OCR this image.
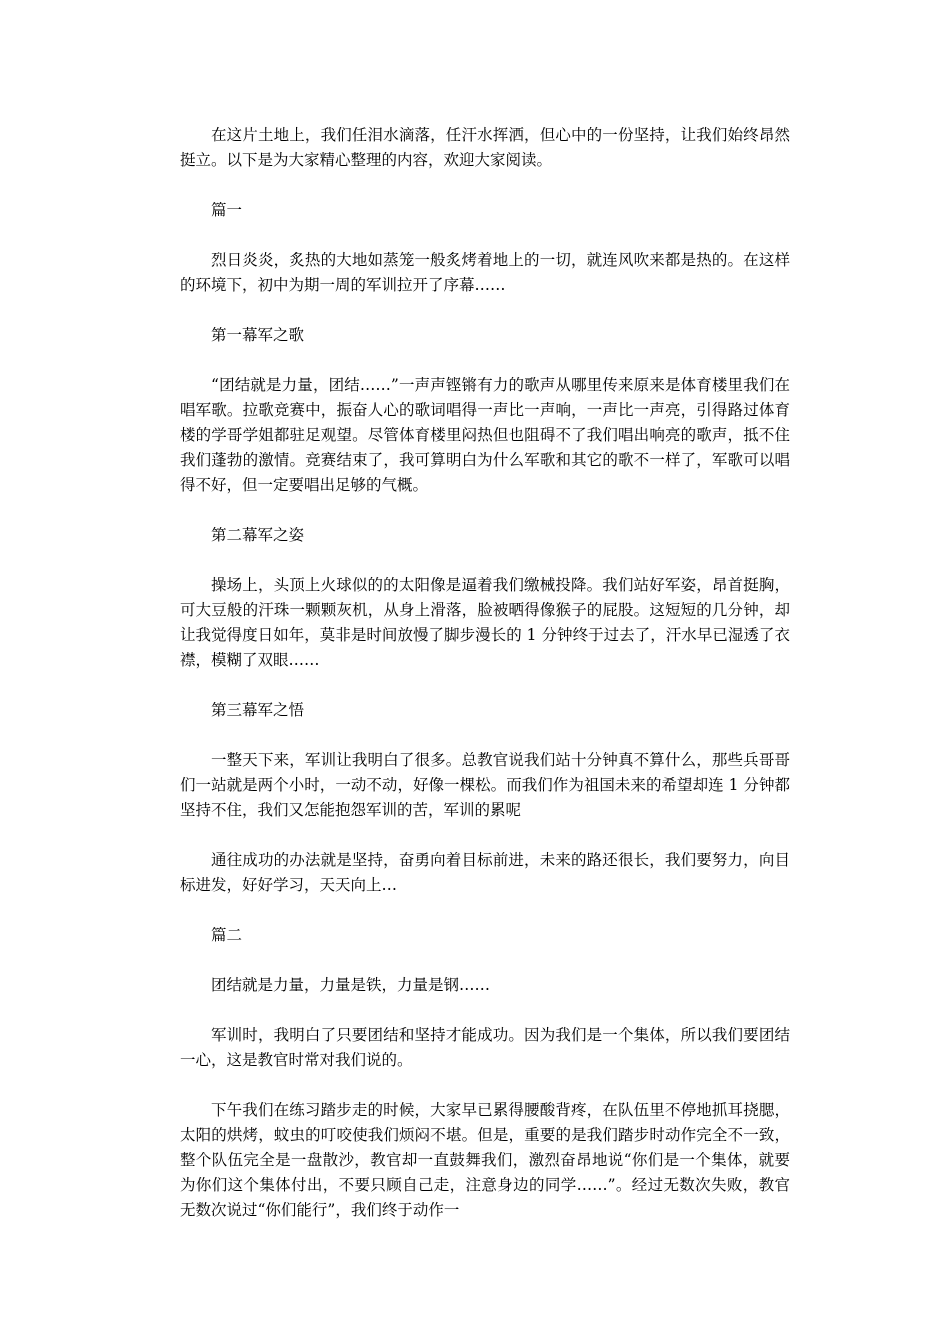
在这片土地上，我们任泪水滴落，任汗水挥洒，但心中的一份坚持，让我们始终昂然挺立。以下是为大家精心整理的内容，欢迎大家阅读。

篇一

烈日炎炎，炙热的大地如蒸笼一般炙烤着地上的一切，就连风吹来都是热的。在这样的环境下，初中为期一周的军训拉开了序幕……

第一幕军之歌

“团结就是力量，团结……”一声声铿锵有力的歌声从哪里传来原来是体育楼里我们在唱军歌。拉歌竞赛中，振奋人心的歌词唱得一声比一声响，一声比一声亮，引得路过体育楼的学哥学姐都驻足观望。尽管体育楼里闷热但也阻碍不了我们唱出响亮的歌声，抵不住我们蓬勃的激情。竞赛结束了，我可算明白为什么军歌和其它的歌不一样了，军歌可以唱得不好，但一定要唱出足够的气概。

第二幕军之姿

操场上，头顶上火球似的的太阳像是逼着我们缴械投降。我们站好军姿，昂首挺胸，可大豆般的汗珠一颗颗灰机，从身上滑落，脸被晒得像猴子的屁股。这短短的几分钟，却让我觉得度日如年，莫非是时间放慢了脚步漫长的 1 分钟终于过去了，汗水早已湿透了衣襟，模糊了双眼……

第三幕军之悟

一整天下来，军训让我明白了很多。总教官说我们站十分钟真不算什么，那些兵哥哥们一站就是两个小时，一动不动，好像一棵松。而我们作为祖国未来的希望却连 1 分钟都坚持不住，我们又怎能抱怨军训的苦，军训的累呢

通往成功的办法就是坚持，奋勇向着目标前进，未来的路还很长，我们要努力，向目标进发，好好学习，天天向上…

篇二

团结就是力量，力量是铁，力量是钢……

军训时，我明白了只要团结和坚持才能成功。因为我们是一个集体，所以我们要团结一心，这是教官时常对我们说的。

下午我们在练习踏步走的时候，大家早已累得腰酸背疼，在队伍里不停地抓耳挠腮，太阳的烘烤，蚊虫的叮咬使我们烦闷不堪。但是，重要的是我们踏步时动作完全不一致，整个队伍完全是一盘散沙，教官却一直鼓舞我们，激烈奋昂地说“你们是一个集体，就要为你们这个集体付出，不要只顾自己走，注意身边的同学……”。经过无数次失败，教官无数次说过“你们能行”，我们终于动作一
